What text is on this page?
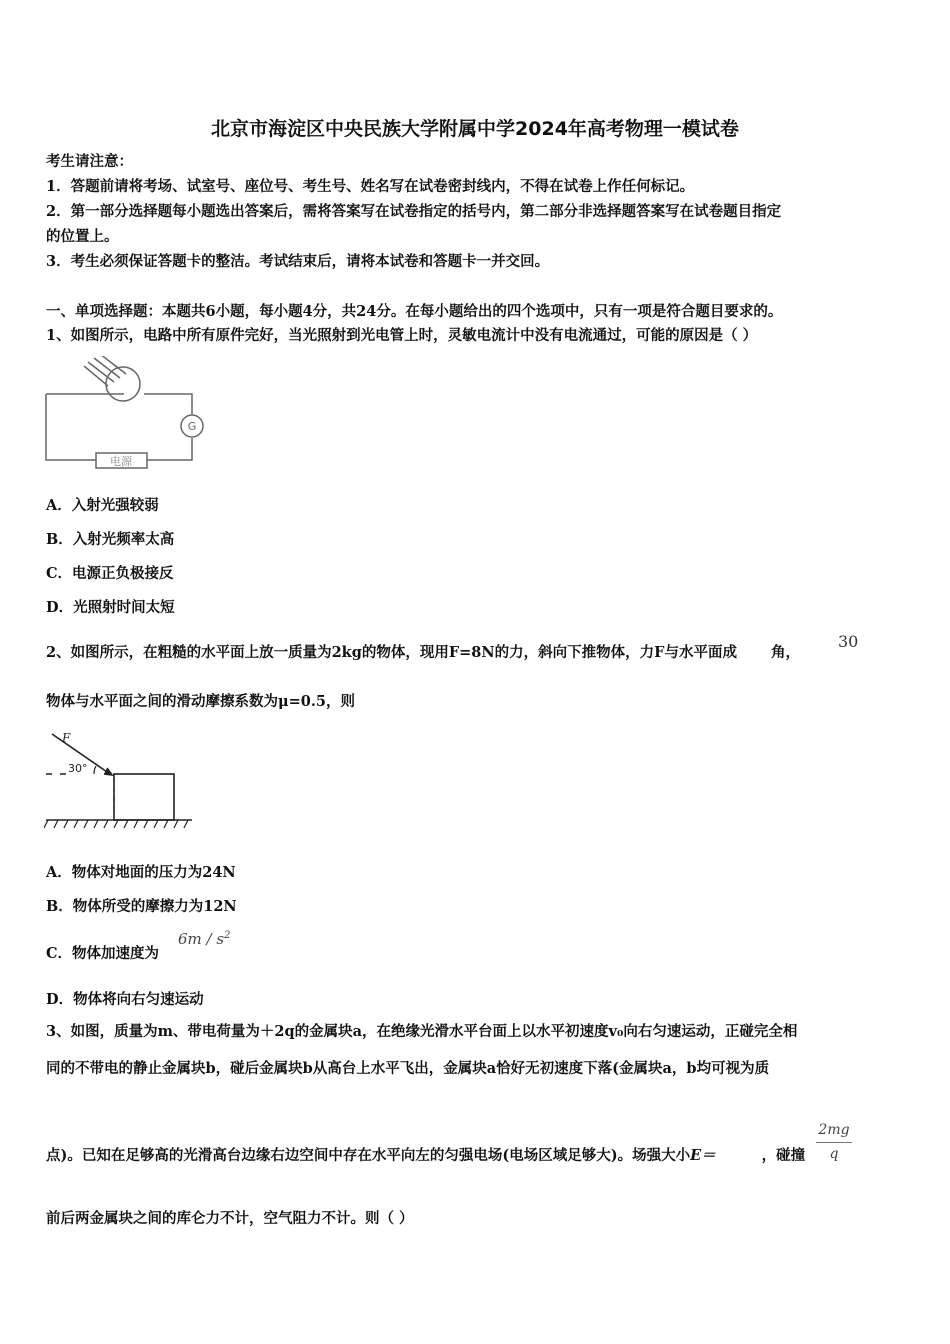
北京市海淀区中央民族大学附属中学2024年高考物理一模试卷
考生请注意：
1．答题前请将考场、试室号、座位号、考生号、姓名写在试卷密封线内，不得在试卷上作任何标记。
2．第一部分选择题每小题选出答案后，需将答案写在试卷指定的括号内，第二部分非选择题答案写在试卷题目指定
的位置上。
3．考生必须保证答题卡的整洁。考试结束后，请将本试卷和答题卡一并交回。
一、单项选择题：本题共6小题，每小题4分，共24分。在每小题给出的四个选项中，只有一项是符合题目要求的。
1、如图所示，电路中所有原件完好，当光照射到光电管上时，灵敏电流计中没有电流通过，可能的原因是（ ）
G
电源
A．入射光强较弱
B．入射光频率太高
C．电源正负极接反
D．光照射时间太短
2、如图所示，在粗糙的水平面上放一质量为2kg的物体，现用F=8N的力，斜向下推物体，力F与水平面成 角，
30
物体与水平面之间的滑动摩擦系数为μ=0.5，则
F
30°
A．物体对地面的压力为24N
B．物体所受的摩擦力为12N
C．物体加速度为
$6m / s^2$
D．物体将向右匀速运动
3、如图，质量为m、带电荷量为＋2q的金属块a，在绝缘光滑水平台面上以水平初速度v₀向右匀速运动，正碰完全相
同的不带电的静止金属块b，碰后金属块b从高台上水平飞出，金属块a恰好无初速度下落(金属块a，b均可视为质
点)。已知在足够高的光滑高台边缘右边空间中存在水平向左的匀强电场(电场区域足够大)。场强大小E＝	，碰撞
2mg
q
前后两金属块之间的库仑力不计，空气阻力不计。则（ ）
